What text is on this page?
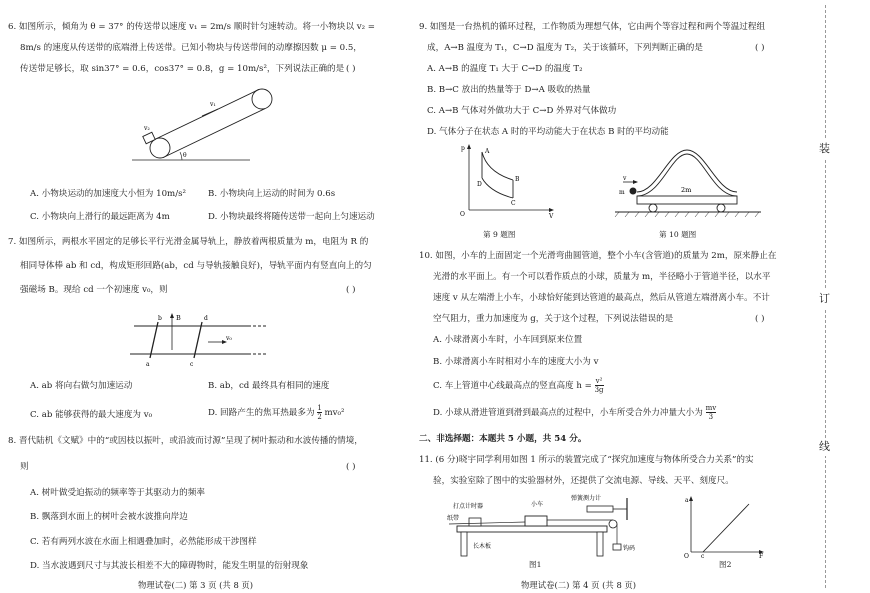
6. 如图所示，倾角为 θ = 37° 的传送带以速度 v₁ = 2m/s 顺时针匀速转动。将一小物块以 v₂ =
8m/s 的速度从传送带的底端滑上传送带。已知小物块与传送带间的动摩擦因数 μ = 0.5，
传送带足够长，取 sin37° = 0.6，cos37° = 0.8，g = 10m/s²，下列说法正确的是 ( )
v₂
v₁
θ
A. 小物块运动的加速度大小恒为 10m/s²	B. 小物块向上运动的时间为 0.6s
C. 小物块向上滑行的最远距离为 4m	D. 小物块最终将随传送带一起向上匀速运动
7. 如图所示，两根水平固定的足够长平行光滑金属导轨上，静放着两根质量为 m，电阻为 R 的
相同导体棒 ab 和 cd，构成矩形回路(ab，cd 与导轨接触良好)，导轨平面内有竖直向上的匀
强磁场 B。现给 cd 一个初速度 v₀，则	( )
B
b
a
d
c
v₀
A. ab 将向右做匀加速运动	B. ab，cd 最终具有相同的速度
C. ab 能够获得的最大速度为 v₀	D. 回路产生的焦耳热最多为 $\frac{1}{2} mv_0^2$
8. 晋代陆机《文赋》中的“或因枝以振叶，或沿波而讨源”呈现了树叶振动和水波传播的情境，
则	( )
A. 树叶做受迫振动的频率等于其驱动力的频率
B. 飘落到水面上的树叶会被水波推向岸边
C. 若有两列水波在水面上相遇叠加时，必然能形成干涉图样
D. 当水波遇到尺寸与其波长相差不大的障碍物时，能发生明显的衍射现象
物理试卷(二) 第 3 页 (共 8 页)
9. 如图是一台热机的循环过程，工作物质为理想气体，它由两个等容过程和两个等温过程组
成，A→B 温度为 T₁，C→D 温度为 T₂，关于该循环，下列判断正确的是	( )
A. A→B 的温度 T₁ 大于 C→D 的温度 T₂
B. B→C 放出的热量等于 D→A 吸收的热量
C. A→B 气体对外做功大于 C→D 外界对气体做功
D. 气体分子在状态 A 时的平均动能大于在状态 B 时的平均动能
p
V
O
A
B
C
D
第 9 题图
v
m	2m
第 10 题图
10. 如图，小车的上面固定一个光滑弯曲圆管道，整个小车(含管道)的质量为 2m，原来静止在
光滑的水平面上。有一个可以看作质点的小球，质量为 m，半径略小于管道半径，以水平
速度 v 从左端滑上小车，小球恰好能到达管道的最高点，然后从管道左端滑离小车。不计
空气阻力，重力加速度为 g，关于这个过程，下列说法错误的是	( )
A. 小球滑离小车时，小车回到原来位置
B. 小球滑离小车时相对小车的速度大小为 v
C. 车上管道中心线最高点的竖直高度 $h = \frac{\text{v²}}{3g}$
D. 小球从滑进管道到滑到最高点的过程中，小车所受合外力冲量大小为 $\frac{mv}{3}$
二、非选择题：本题共 5 小题，共 54 分。
11. (6 分)晓宇同学利用如图 1 所示的装置完成了“探究加速度与物体所受合力关系”的实
验，实验室除了图中的实验器材外，还提供了交流电源、导线、天平、刻度尺。
打点计时器	小车
弹簧测力计
纸带
长木板	钩码
图1
a
O c	F
图2
物理试卷(二) 第 4 页 (共 8 页)
装
订
线
